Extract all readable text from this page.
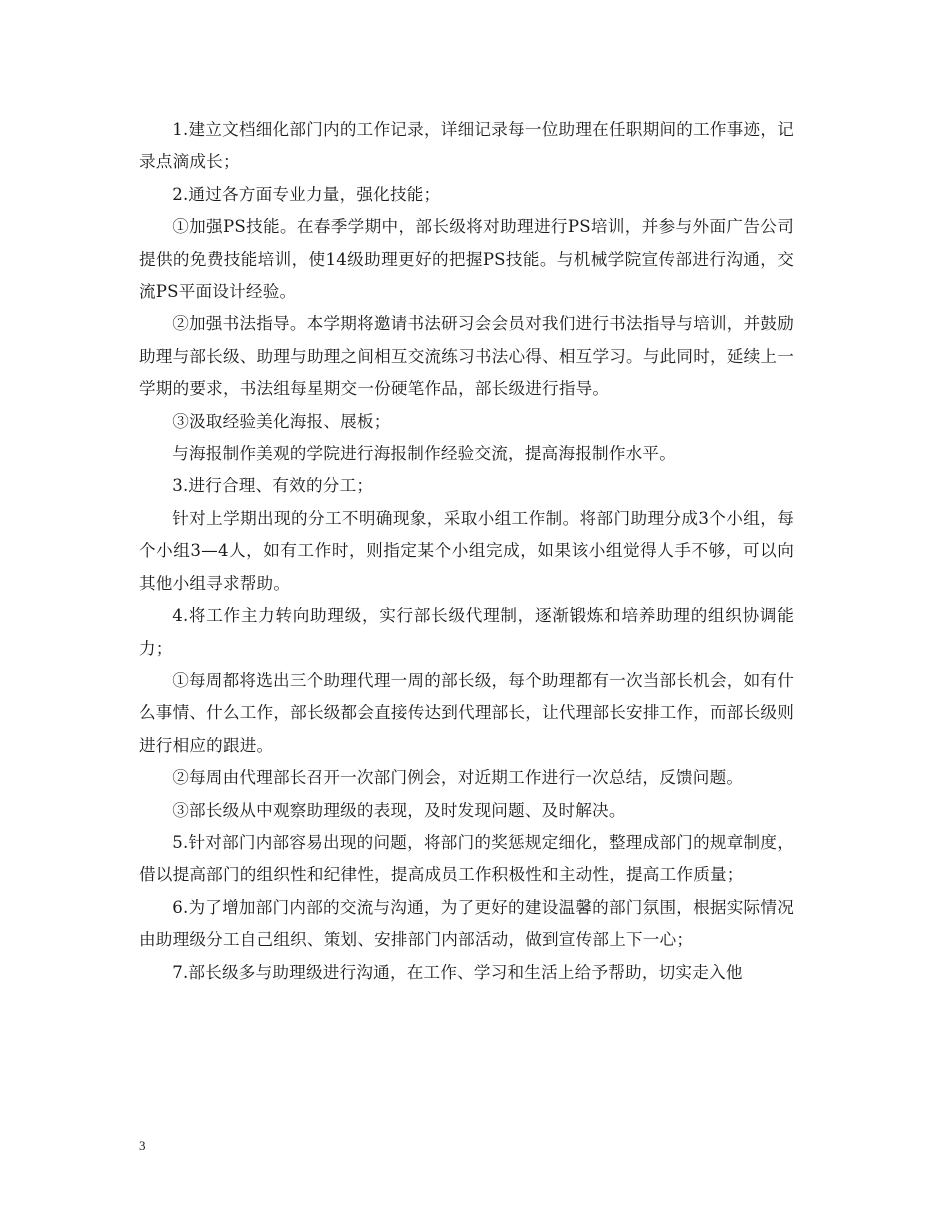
1.建立文档细化部门内的工作记录，详细记录每一位助理在任职期间的工作事迹，记录点滴成长；

2.通过各方面专业力量，强化技能；

①加强PS技能。在春季学期中，部长级将对助理进行PS培训，并参与外面广告公司提供的免费技能培训，使14级助理更好的把握PS技能。与机械学院宣传部进行沟通，交流PS平面设计经验。

②加强书法指导。本学期将邀请书法研习会会员对我们进行书法指导与培训，并鼓励助理与部长级、助理与助理之间相互交流练习书法心得、相互学习。与此同时，延续上一学期的要求，书法组每星期交一份硬笔作品，部长级进行指导。

③汲取经验美化海报、展板；

与海报制作美观的学院进行海报制作经验交流，提高海报制作水平。

3.进行合理、有效的分工；

针对上学期出现的分工不明确现象，采取小组工作制。将部门助理分成3个小组，每个小组3—4人，如有工作时，则指定某个小组完成，如果该小组觉得人手不够，可以向其他小组寻求帮助。

4.将工作主力转向助理级，实行部长级代理制，逐渐锻炼和培养助理的组织协调能力；

①每周都将选出三个助理代理一周的部长级，每个助理都有一次当部长机会，如有什么事情、什么工作，部长级都会直接传达到代理部长，让代理部长安排工作，而部长级则进行相应的跟进。

②每周由代理部长召开一次部门例会，对近期工作进行一次总结，反馈问题。

③部长级从中观察助理级的表现，及时发现问题、及时解决。

5.针对部门内部容易出现的问题，将部门的奖惩规定细化，整理成部门的规章制度，借以提高部门的组织性和纪律性，提高成员工作积极性和主动性，提高工作质量；

6.为了增加部门内部的交流与沟通，为了更好的建设温馨的部门氛围，根据实际情况由助理级分工自己组织、策划、安排部门内部活动，做到宣传部上下一心；

7.部长级多与助理级进行沟通，在工作、学习和生活上给予帮助，切实走入他

3
